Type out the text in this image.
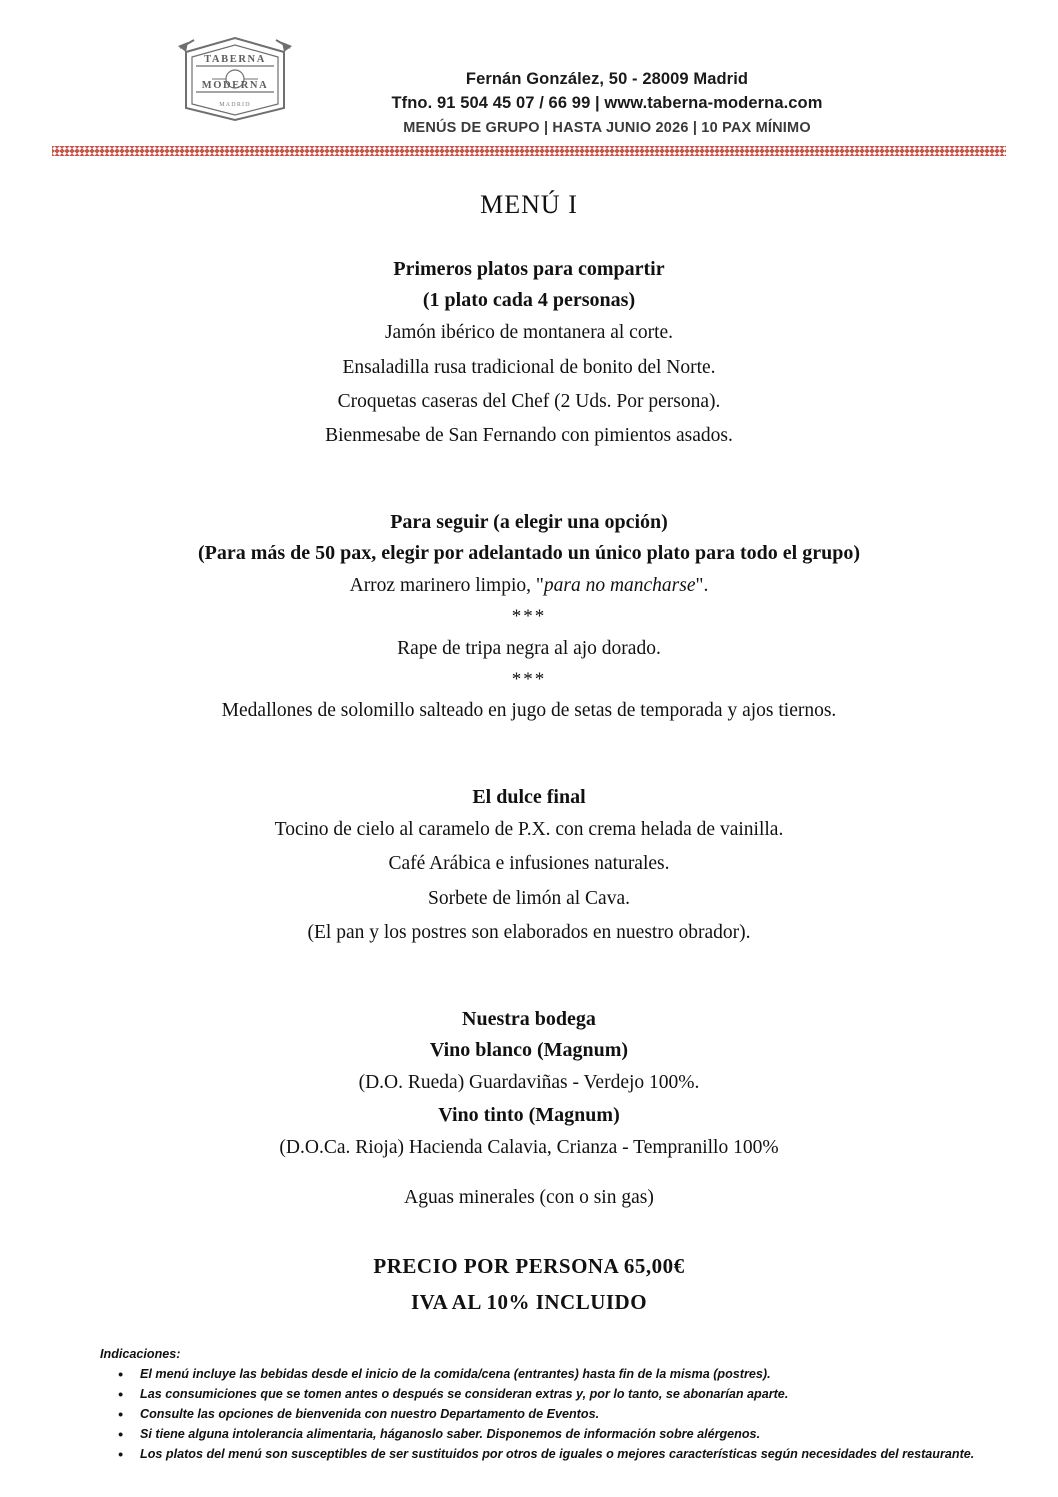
TABERNA
MODERNA
MADRID
Fernán González, 50 - 28009 Madrid
Tfno. 91 504 45 07 / 66 99 | www.taberna-moderna.com
MENÚS DE GRUPO | HASTA JUNIO 2026 | 10 PAX MÍNIMO
MENÚ I
Primeros platos para compartir
(1 plato cada 4 personas)
Jamón ibérico de montanera al corte.
Ensaladilla rusa tradicional de bonito del Norte.
Croquetas caseras del Chef (2 Uds. Por persona).
Bienmesabe de San Fernando con pimientos asados.
Para seguir (a elegir una opción)
(Para más de 50 pax, elegir por adelantado un único plato para todo el grupo)
Arroz marinero limpio, "para no mancharse".
***
Rape de tripa negra al ajo dorado.
***
Medallones de solomillo salteado en jugo de setas de temporada y ajos tiernos.
El dulce final
Tocino de cielo al caramelo de P.X. con crema helada de vainilla.
Café Arábica e infusiones naturales.
Sorbete de limón al Cava.
(El pan y los postres son elaborados en nuestro obrador).
Nuestra bodega
Vino blanco (Magnum)
(D.O. Rueda) Guardaviñas - Verdejo 100%.
Vino tinto (Magnum)
(D.O.Ca. Rioja) Hacienda Calavia, Crianza - Tempranillo 100%
Aguas minerales (con o sin gas)
PRECIO POR PERSONA 65,00€
IVA AL 10% INCLUIDO
Indicaciones:
• El menú incluye las bebidas desde el inicio de la comida/cena (entrantes) hasta fin de la misma (postres).
• Las consumiciones que se tomen antes o después se consideran extras y, por lo tanto, se abonarían aparte.
• Consulte las opciones de bienvenida con nuestro Departamento de Eventos.
• Si tiene alguna intolerancia alimentaria, háganoslo saber. Disponemos de información sobre alérgenos.
• Los platos del menú son susceptibles de ser sustituidos por otros de iguales o mejores características según necesidades del restaurante.
